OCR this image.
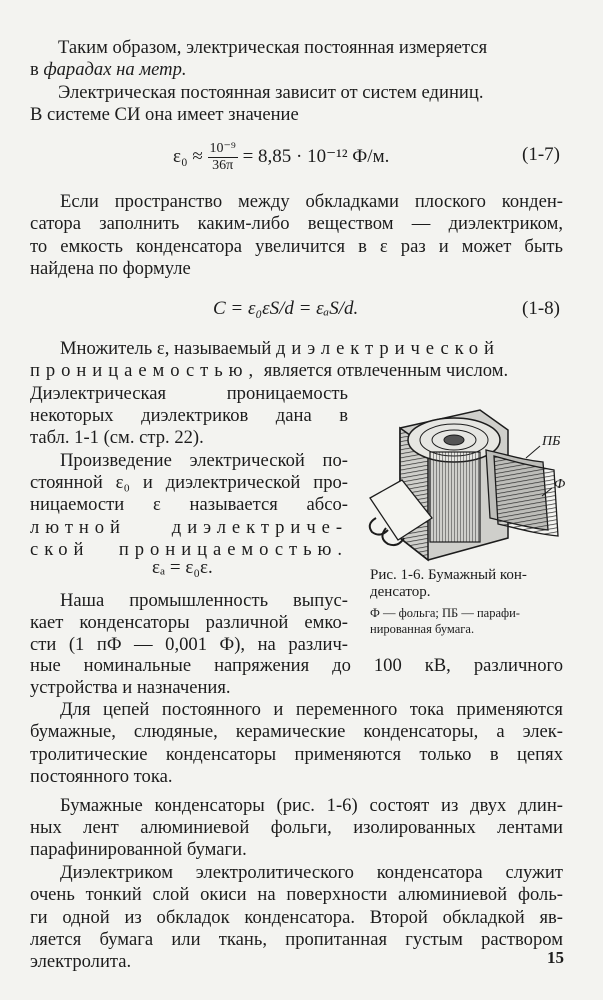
Таким образом, электрическая постоянная измеряется
в фарадах на метр.
Электрическая постоянная зависит от систем единиц.
В системе СИ она имеет значение
$\varepsilon_0 \approx \frac{\text{10⁻⁹}}{36\pi} = 8,85 \cdot 10^{-12}$ Ф/м.	(1-7)
Если пространство между обкладками плоского конден-
сатора заполнить каким-либо веществом — диэлектриком,
то емкость конденсатора увеличится в ε раз и может быть
найдена по формуле
C = ε₀εS/d = εₐS/d.	(1-8)
Множитель ε, называемый диэлектрической
проницаемостью, является отвлеченным числом.
Диэлектрическая проницаемость
некоторых диэлектриков дана в
табл. 1-1 (см. стр. 22).
Произведение электрической по-
стоянной ε₀ и диэлектрической про-
ницаемости ε называется абсо-
лютной диэлектриче-
ской проницаемостью.
εₐ = ε₀ε.
Наша промышленность выпус-
кает конденсаторы различной емко-
сти (1 пФ — 0,001 Ф), на различ-
ные номинальные напряжения до 100 кВ, различного
устройства и назначения.
ПБ
Ф
Рис. 1-6. Бумажный кон-
денсатор.
Ф — фольга; ПБ — парафи-
нированная бумага.
Для цепей постоянного и переменного тока применяются
бумажные, слюдяные, керамические конденсаторы, а элек-
тролитические конденсаторы применяются только в цепях
постоянного тока.
Бумажные конденсаторы (рис. 1-6) состоят из двух длин-
ных лент алюминиевой фольги, изолированных лентами
парафинированной бумаги.
Диэлектриком электролитического конденсатора служит
очень тонкий слой окиси на поверхности алюминиевой фоль-
ги одной из обкладок конденсатора. Второй обкладкой яв-
ляется бумага или ткань, пропитанная густым раствором
электролита.	15
